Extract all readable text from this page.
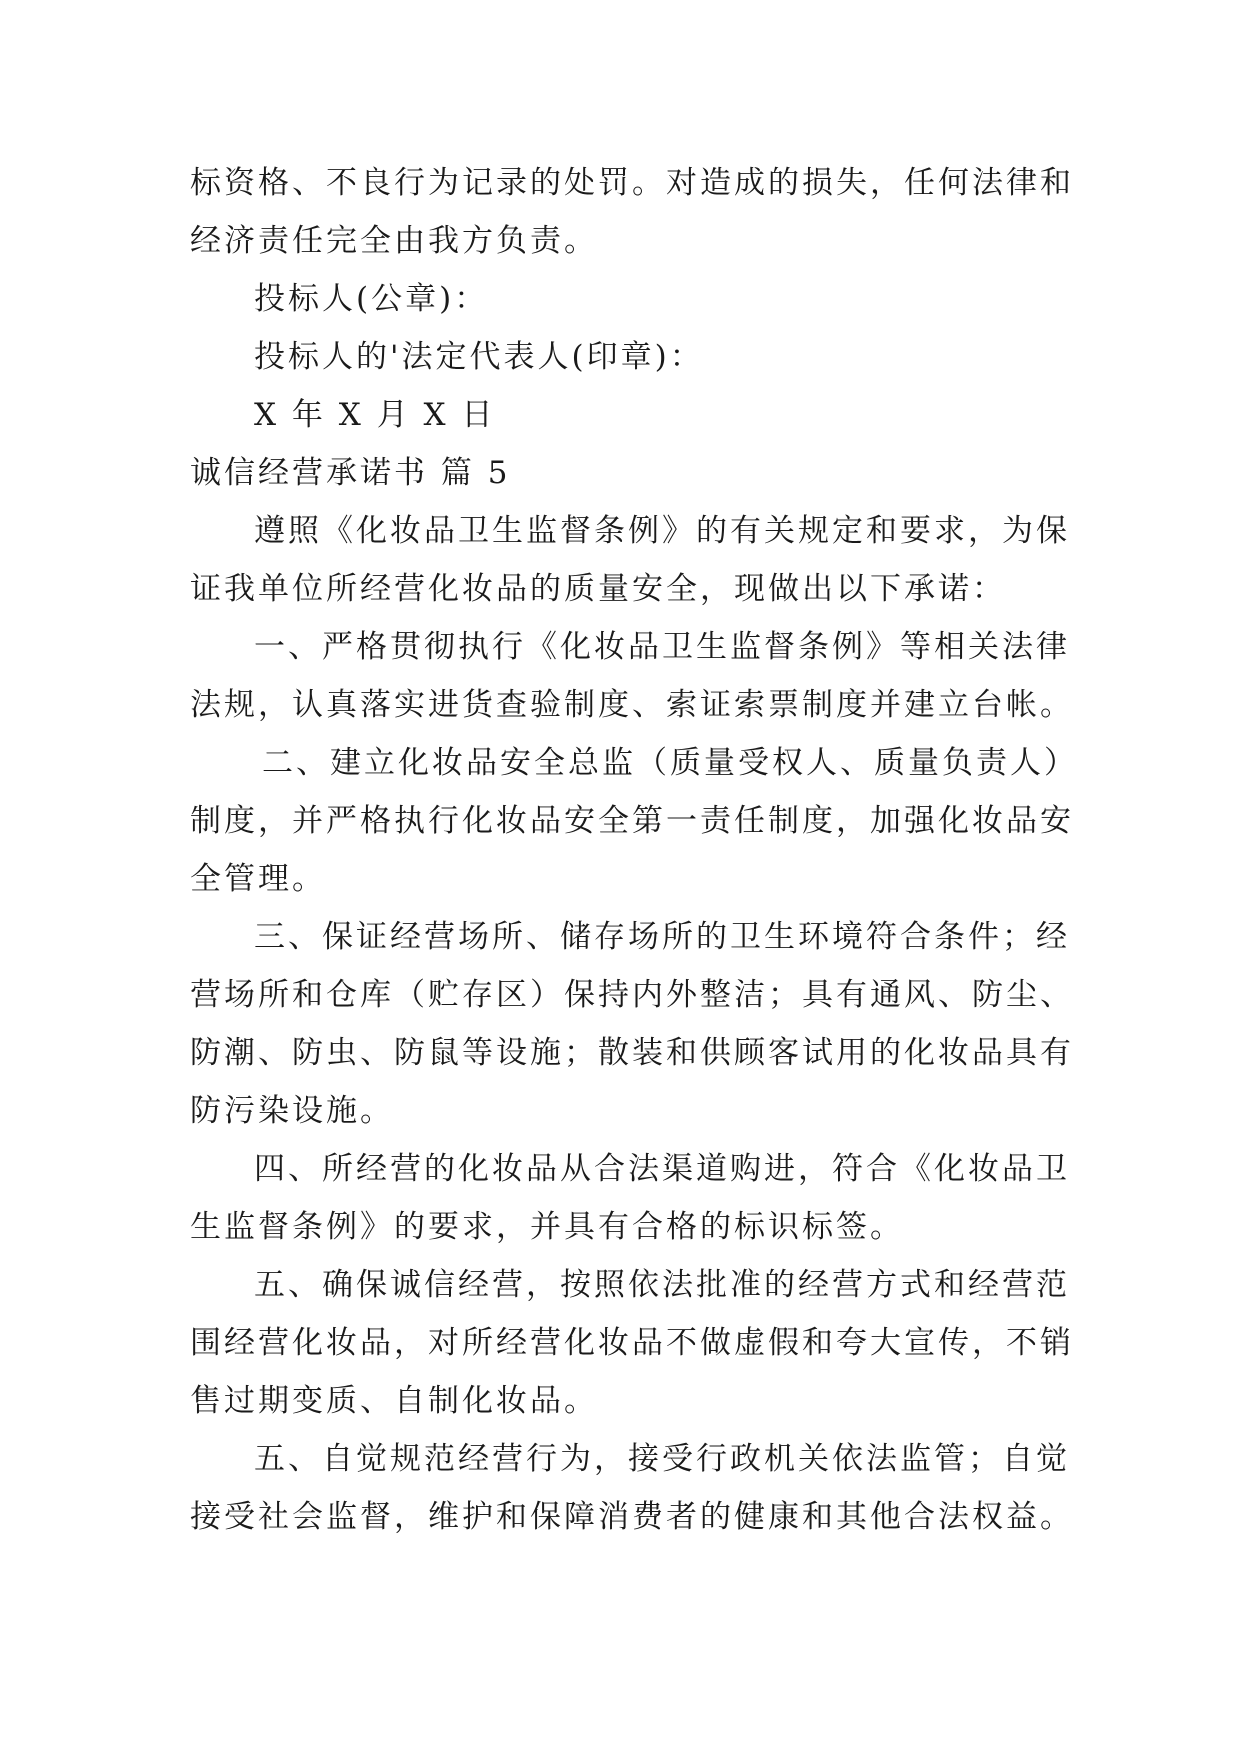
标资格、不良行为记录的处罚。对造成的损失，任何法律和
经济责任完全由我方负责。
投标人(公章)：
投标人的'法定代表人(印章)：
X 年 X 月 X 日
诚信经营承诺书 篇 5
遵照《化妆品卫生监督条例》的有关规定和要求，为保
证我单位所经营化妆品的质量安全，现做出以下承诺：
一、严格贯彻执行《化妆品卫生监督条例》等相关法律
法规，认真落实进货查验制度、索证索票制度并建立台帐。
二、建立化妆品安全总监（质量受权人、质量负责人）
制度，并严格执行化妆品安全第一责任制度，加强化妆品安
全管理。
三、保证经营场所、储存场所的卫生环境符合条件；经
营场所和仓库（贮存区）保持内外整洁；具有通风、防尘、
防潮、防虫、防鼠等设施；散装和供顾客试用的化妆品具有
防污染设施。
四、所经营的化妆品从合法渠道购进，符合《化妆品卫
生监督条例》的要求，并具有合格的标识标签。
五、确保诚信经营，按照依法批准的经营方式和经营范
围经营化妆品，对所经营化妆品不做虚假和夸大宣传，不销
售过期变质、自制化妆品。
五、自觉规范经营行为，接受行政机关依法监管；自觉
接受社会监督，维护和保障消费者的健康和其他合法权益。
